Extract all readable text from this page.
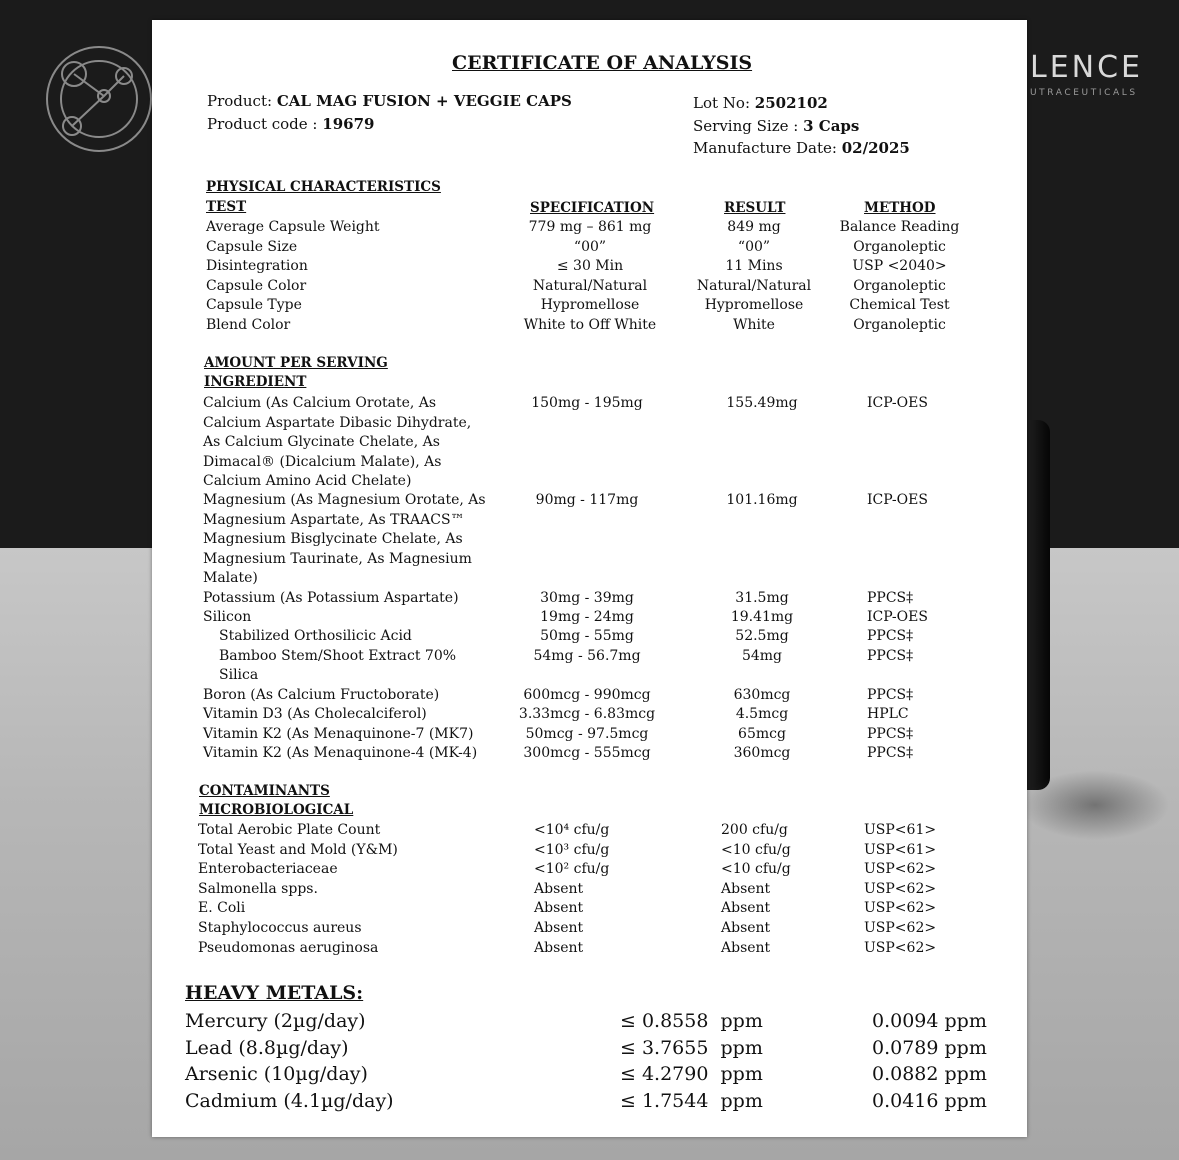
LENCE
UTRACEUTICALS
CERTIFICATE OF ANALYSIS
Product: CAL MAG FUSION + VEGGIE CAPS
Product code : 19679
Lot No: 2502102
Serving Size : 3 Caps
Manufacture Date: 02/2025
PHYSICAL CHARACTERISTICS
TEST	SPECIFICATION	RESULT	METHOD
Average Capsule Weight	779 mg – 861 mg	849 mg	Balance Reading
Capsule Size	“00”	“00”	Organoleptic
Disintegration	≤ 30 Min	11 Mins	USP <2040>
Capsule Color	Natural/Natural	Natural/Natural	Organoleptic
Capsule Type	Hypromellose	Hypromellose	Chemical Test
Blend Color	White to Off White	White	Organoleptic
AMOUNT PER SERVING
INGREDIENT
Calcium (As Calcium Orotate, As
Calcium Aspartate Dibasic Dihydrate,
As Calcium Glycinate Chelate, As
Dimacal® (Dicalcium Malate), As
Calcium Amino Acid Chelate)
150mg - 195mg	155.49mg	ICP-OES
Magnesium (As Magnesium Orotate, As
Magnesium Aspartate, As TRAACS™
Magnesium Bisglycinate Chelate, As
Magnesium Taurinate, As Magnesium
Malate)
90mg - 117mg	101.16mg	ICP-OES
Potassium (As Potassium Aspartate)	30mg - 39mg	31.5mg	PPCS‡
Silicon	19mg - 24mg	19.41mg	ICP-OES
Stabilized Orthosilicic Acid	50mg - 55mg	52.5mg	PPCS‡
Bamboo Stem/Shoot Extract 70%
Silica
54mg - 56.7mg	54mg	PPCS‡
Boron (As Calcium Fructoborate)	600mcg - 990mcg	630mcg	PPCS‡
Vitamin D3 (As Cholecalciferol)	3.33mcg - 6.83mcg	4.5mcg	HPLC
Vitamin K2 (As Menaquinone-7 (MK7)	50mcg - 97.5mcg	65mcg	PPCS‡
Vitamin K2 (As Menaquinone-4 (MK-4)	300mcg - 555mcg	360mcg	PPCS‡
CONTAMINANTS
MICROBIOLOGICAL
Total Aerobic Plate Count	<10⁴ cfu/g	200 cfu/g	USP<61>
Total Yeast and Mold (Y&M)	<10³ cfu/g	<10 cfu/g	USP<61>
Enterobacteriaceae	<10² cfu/g	<10 cfu/g	USP<62>
Salmonella spps.	Absent	Absent	USP<62>
E. Coli	Absent	Absent	USP<62>
Staphylococcus aureus	Absent	Absent	USP<62>
Pseudomonas aeruginosa	Absent	Absent	USP<62>
HEAVY METALS:
Mercury (2µg/day)	≤ 0.8558  ppm	0.0094 ppm
Lead (8.8µg/day)	≤ 3.7655  ppm	0.0789 ppm
Arsenic (10µg/day)	≤ 4.2790  ppm	0.0882 ppm
Cadmium (4.1µg/day)	≤ 1.7544  ppm	0.0416 ppm
